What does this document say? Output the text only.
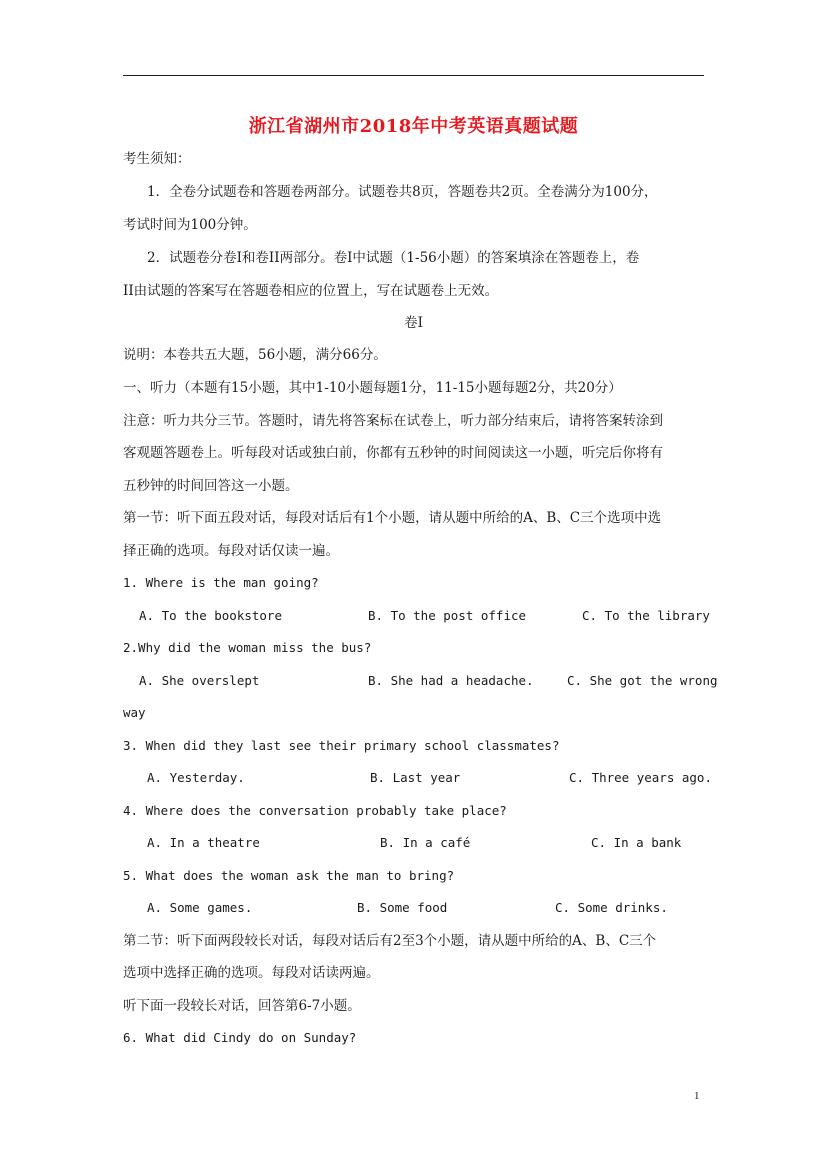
浙江省湖州市2018年中考英语真题试题
考生须知：
1．全卷分试题卷和答题卷两部分。试题卷共8页，答题卷共2页。全卷满分为100分，
考试时间为100分钟。
2．试题卷分卷I和卷II两部分。卷I中试题（1-56小题）的答案填涂在答题卷上，卷
II由试题的答案写在答题卷相应的位置上，写在试题卷上无效。
卷I
说明：本卷共五大题，56小题，满分66分。
一、听力（本题有15小题，其中1-10小题每题1分，11-15小题每题2分，共20分）
注意：听力共分三节。答题时，请先将答案标在试卷上，听力部分结束后，请将答案转涂到
客观题答题卷上。听每段对话或独白前，你都有五秒钟的时间阅读这一小题，听完后你将有
五秒钟的时间回答这一小题。
第一节：听下面五段对话，每段对话后有1个小题，请从题中所给的A、B、C三个选项中选
择正确的选项。每段对话仅读一遍。
1. Where is the man going?
A. To the bookstore	B. To the post office	C. To the library
2.Why did the woman miss the bus?
A. She overslept	B. She had a headache.	C. She got the wrong
way
3. When did they last see their primary school classmates?
A. Yesterday.	B. Last year	C. Three years ago.
4. Where does the conversation probably take place?
A. In a theatre	B. In a café	C. In a bank
5. What does the woman ask the man to bring?
A. Some games.	B. Some food	C. Some drinks.
第二节：听下面两段较长对话，每段对话后有2至3个小题，请从题中所给的A、B、C三个
选项中选择正确的选项。每段对话读两遍。
听下面一段较长对话，回答第6-7小题。
6. What did Cindy do on Sunday?
1
